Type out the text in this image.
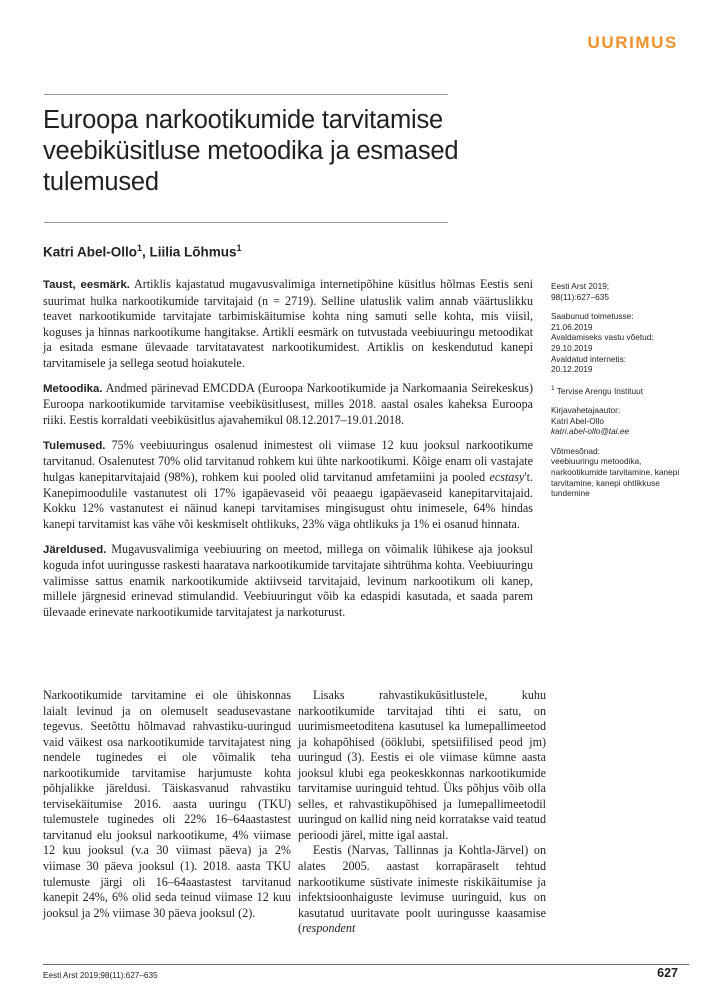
UURIMUS
Euroopa narkootikumide tarvitamise veebiküsitluse metoodika ja esmased tulemused

Katri Abel-Ollo$^1$, Liilia Lõhmus$^1$

Taust, eesmärk. Artiklis kajastatud mugavusvalimiga internetipõhine küsitlus hõlmas Eestis seni suurimat hulka narkootikumide tarvitajaid (n = 2719). Selline ulatuslik valim annab väärtuslikku teavet narkootikumide tarvitajate tarbimiskäitumise kohta ning samuti selle kohta, mis viisil, koguses ja hinnas narkootikume hangitakse. Artikli eesmärk on tutvustada veebiuuringu metoodikat ja esitada esmane ülevaade tarvitatavatest narkootikumidest. Artiklis on keskendutud kanepi tarvitamisele ja sellega seotud hoiakutele.

Metoodika. Andmed pärinevad EMCDDA (Euroopa Narkootikumide ja Narkomaania Seirekeskus) Euroopa narkootikumide tarvitamise veebiküsitlusest, milles 2018. aastal osales kaheksa Euroopa riiki. Eestis korraldati veebiküsitlus ajavahemikul 08.12.2017–19.01.2018.

Tulemused. 75% veebiuuringus osalenud inimestest oli viimase 12 kuu jooksul narkootikume tarvitanud. Osalenutest 70% olid tarvitanud rohkem kui ühte narkootikumi. Kõige enam oli vastajate hulgas kanepitarvitajaid (98%), rohkem kui pooled olid tarvitanud amfetamiini ja pooled ecstasy't. Kanepimoodulile vastanutest oli 17% igapäevaseid või peaaegu igapäevaseid kanepitarvitajaid. Kokku 12% vastanutest ei näinud kanepi tarvitamises mingisugust ohtu inimesele, 64% hindas kanepi tarvitamist kas vähe või keskmiselt ohtlikuks, 23% väga ohtlikuks ja 1% ei osanud hinnata.

Järeldused. Mugavusvalimiga veebiuuring on meetod, millega on võimalik lühikese aja jooksul koguda infot uuringusse raskesti haaratava narkootikumide tarvitajate sihtrühma kohta. Veebiuuringu valimisse sattus enamik narkootikumide aktiivseid tarvitajaid, levinum narkootikum oli kanep, millele järgnesid erinevad stimulandid. Veebiuuringut võib ka edaspidi kasutada, et saada parem ülevaade erinevate narkootikumide tarvitajatest ja narkoturust.

Eesti Arst 2019;
98(11):627–635
Saabunud toimetusse:
21.06.2019
Avaldamiseks vastu võetud:
29.10.2019
Avaldatud internetis:
20.12.2019
$^1$ Tervise Arengu Instituut
Kirjavahetajaautor:
Katri Abel-Ollo
katri.abel-ollo@tai.ee
Võtmesõnad:
veebiuuringu metoodika, narkootikumide tarvitamine, kanepi tarvitamine, kanepi ohtlikkuse tundemine

Narkootikumide tarvitamine ei ole ühiskonnas laialt levinud ja on olemuselt seadusevastane tegevus. Seetõttu hõlmavad rahvastiku-uuringud vaid väikest osa narkootikumide tarvitajatest ning nendele tuginedes ei ole võimalik teha narkootikumide tarvitamise harjumuste kohta põhjalikke järeldusi. Täiskasvanud rahvastiku tervisekäitumise 2016. aasta uuringu (TKU) tulemustele tuginedes oli 22% 16–64aastastest tarvitanud elu jooksul narkootikume, 4% viimase 12 kuu jooksul (v.a 30 viimast päeva) ja 2% viimase 30 päeva jooksul (1). 2018. aasta TKU tulemuste järgi oli 16–64aastastest tarvitanud kanepit 24%, 6% olid seda teinud viimase 12 kuu jooksul ja 2% viimase 30 päeva jooksul (2).

Lisaks rahvastikuküsitlustele, kuhu narkootikumide tarvitajad tihti ei satu, on uurimismeetoditena kasutusel ka lumepallimeetod ja kohapõhised (ööklubi, spetsiifilised peod jm) uuringud (3). Eestis ei ole viimase kümne aasta jooksul klubi ega peokeskkonnas narkootikumide tarvitamise uuringuid tehtud. Üks põhjus võib olla selles, et rahvastikupõhised ja lumepallimeetodil uuringud on kallid ning neid korratakse vaid teatud perioodi järel, mitte igal aastal.

Eestis (Narvas, Tallinnas ja Kohtla-Järvel) on alates 2005. aastast korrapäraselt tehtud narkootikume süstivate inimeste riskikäitumise ja infektsioonhaiguste levimuse uuringuid, kus on kasutatud uuritavate poolt uuringusse kaasamise (respondent

Eesti Arst 2019;98(11):627–635	627
